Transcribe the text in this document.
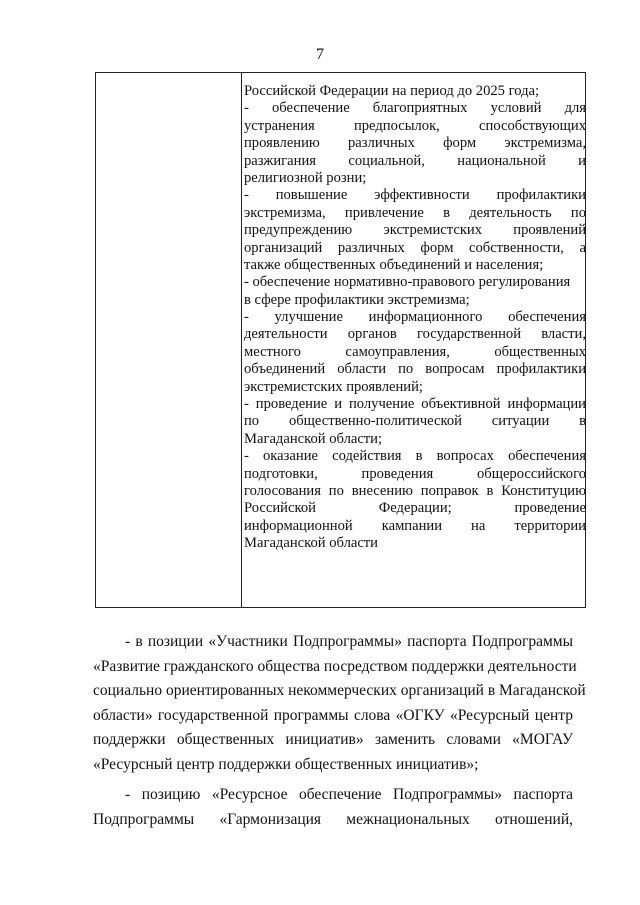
7
Российской Федерации на период до 2025 года;
- обеспечение благоприятных условий для
устранения предпосылок, способствующих
проявлению различных форм экстремизма,
разжигания социальной, национальной и
религиозной розни;
- повышение эффективности профилактики
экстремизма, привлечение в деятельность по
предупреждению экстремистских проявлений
организаций различных форм собственности, а
также общественных объединений и населения;
- обеспечение нормативно-правового регулирования
в сфере профилактики экстремизма;
- улучшение информационного обеспечения
деятельности органов государственной власти,
местного самоуправления, общественных
объединений области по вопросам профилактики
экстремистских проявлений;
- проведение и получение объективной информации
по общественно-политической ситуации в
Магаданской области;
- оказание содействия в вопросах обеспечения
подготовки, проведения общероссийского
голосования по внесению поправок в Конституцию
Российской Федерации; проведение
информационной кампании на территории
Магаданской области
- в позиции «Участники Подпрограммы» паспорта Подпрограммы
«Развитие гражданского общества посредством поддержки деятельности
социально ориентированных некоммерческих организаций в Магаданской
области» государственной программы слова «ОГКУ «Ресурсный центр
поддержки общественных инициатив» заменить словами «МОГАУ
«Ресурсный центр поддержки общественных инициатив»;
- позицию «Ресурсное обеспечение Подпрограммы» паспорта
Подпрограммы «Гармонизация межнациональных отношений,
